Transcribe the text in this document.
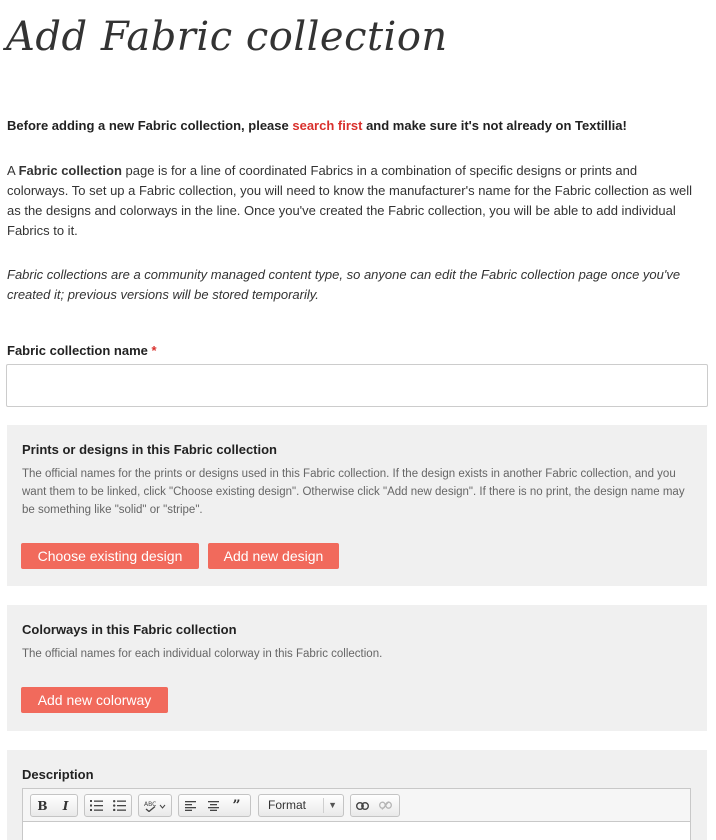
Add Fabric collection

Before adding a new Fabric collection, please search first and make sure it's not already on Textillia!

A Fabric collection page is for a line of coordinated Fabrics in a combination of specific designs or prints and colorways. To set up a Fabric collection, you will need to know the manufacturer's name for the Fabric collection as well as the designs and colorways in the line. Once you've created the Fabric collection, you will be able to add individual Fabrics to it.

Fabric collections are a community managed content type, so anyone can edit the Fabric collection page once you've created it; previous versions will be stored temporarily.

Fabric collection name *
Prints or designs in this Fabric collection

The official names for the prints or designs used in this Fabric collection. If the design exists in another Fabric collection, and you want them to be linked, click "Choose existing design". Otherwise click "Add new design". If there is no print, the design name may be something like "solid" or "stripe".

Choose existing design	Add new design
Colorways in this Fabric collection

The official names for each individual colorway in this Fabric collection.

Add new colorway
Description
B	I	ABC	”	Format ▼
